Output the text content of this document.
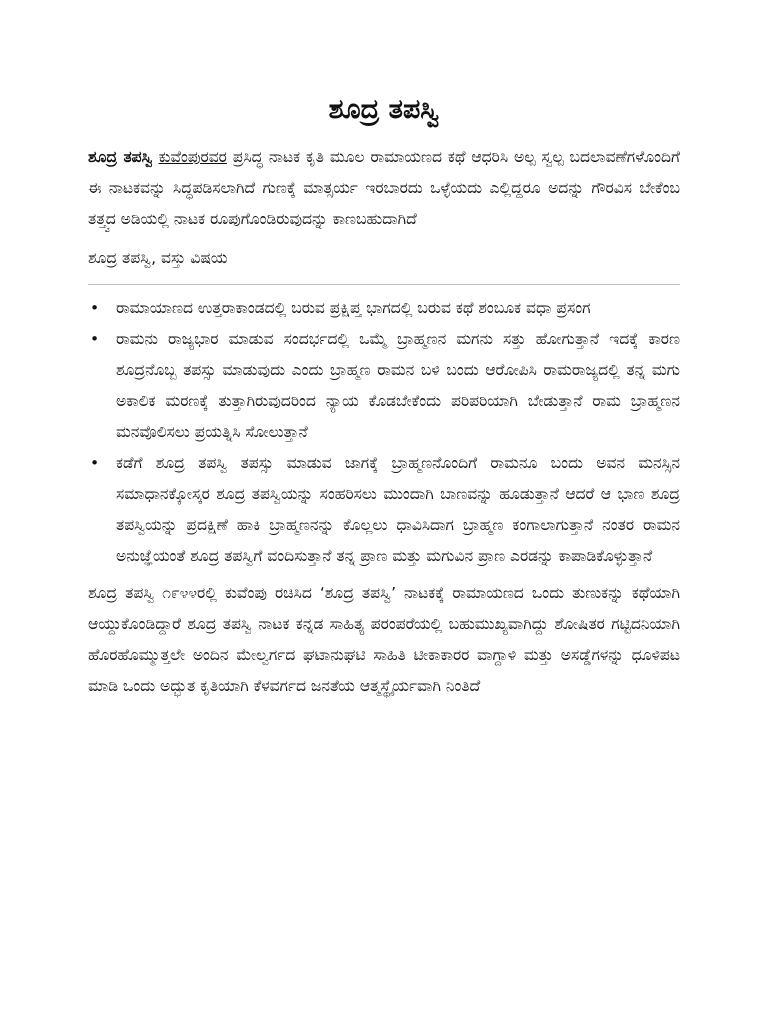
ಶೂದ್ರ ತಪಸ್ವಿ

ಶೂದ್ರ ತಪಸ್ವಿ ಕುವೆಂಪುರವರ ಪ್ರಸಿದ್ಧ ನಾಟಕ ಕೃತಿ ಮೂಲ ರಾಮಾಯಣದ ಕಥೆ ಆಧರಿಸಿ ಅಲ್ಪ ಸ್ವಲ್ಪ ಬದಲಾವಣೆಗಳೊಂದಿಗೆ ಈ ನಾಟಕವನ್ನು ಸಿದ್ಧಪಡಿಸಲಾಗಿದೆ ಗುಣಕ್ಕೆ ಮಾತ್ಸರ್ಯ ಇರಬಾರದು ಒಳ್ಳೆಯದು ಎಲ್ಲಿದ್ದರೂ ಅದನ್ನು ಗೌರವಿಸ ಬೇಕೆಂಬ ತತ್ತ್ವದ ಅಡಿಯಲ್ಲಿ ನಾಟಕ ರೂಪುಗೊಂಡಿರುವುದನ್ನು ಕಾಣಬಹುದಾಗಿದೆ

ಶೂದ್ರ ತಪಸ್ವಿ, ವಸ್ತು ವಿಷಯ
• ರಾಮಾಯಾಣದ ಉತ್ತರಾಕಾಂಡದಲ್ಲಿ ಬರುವ ಪ್ರಕ್ಷಿಪ್ತ ಭಾಗದಲ್ಲಿ ಬರುವ ಕಥೆ ಶಂಬೂಕ ವಧಾ ಪ್ರಸಂಗ
• ರಾಮನು ರಾಜ್ಯಭಾರ ಮಾಡುವ ಸಂದರ್ಭದಲ್ಲಿ ಒಮ್ಮೆ ಬ್ರಾಹ್ಮಣನ ಮಗನು ಸತ್ತು ಹೋಗುತ್ತಾನೆ ಇದಕ್ಕೆ ಕಾರಣ ಶೂದ್ರನೊಬ್ಬ ತಪಸ್ಸು ಮಾಡುವುದು ಎಂದು ಬ್ರಾಹ್ಮಣ ರಾಮನ ಬಳಿ ಬಂದು ಆರೋಪಿಸಿ ರಾಮರಾಜ್ಯದಲ್ಲಿ ತನ್ನ ಮಗು ಅಕಾಲಿಕ ಮರಣಕ್ಕೆ ತುತ್ತಾಗಿರುವುದರಿಂದ ನ್ಯಾಯ ಕೊಡಬೇಕೆಂದು ಪರಿಪರಿಯಾಗಿ ಬೇಡುತ್ತಾನೆ ರಾಮ ಬ್ರಾಹ್ಮಣನ ಮನವೊಲಿಸಲು ಪ್ರಯತ್ನಿಸಿ ಸೋಲುತ್ತಾನೆ
• ಕಡೆಗೆ ಶೂದ್ರ ತಪಸ್ವಿ ತಪಸ್ಸು ಮಾಡುವ ಜಾಗಕ್ಕೆ ಬ್ರಾಹ್ಮಣನೊಂದಿಗೆ ರಾಮನೂ ಬಂದು ಅವನ ಮನಸ್ಸಿನ ಸಮಾಧಾನಕ್ಕೋಸ್ಕರ ಶೂದ್ರ ತಪಸ್ವಿಯನ್ನು ಸಂಹರಿಸಲು ಮುಂದಾಗಿ ಬಾಣವನ್ನು ಹೂಡುತ್ತಾನೆ ಆದರೆ ಆ ಭಾಣ ಶೂದ್ರ ತಪಸ್ವಿಯನ್ನು ಪ್ರದಕ್ಷಿಣೆ ಹಾಕಿ ಬ್ರಾಹ್ಮಣನನ್ನು ಕೊಲ್ಲಲು ಧಾವಿಸಿದಾಗ ಬ್ರಾಹ್ಮಣ ಕಂಗಾಲಾಗುತ್ತಾನೆ ನಂತರ ರಾಮನ ಅನುಜ್ಞೆಯಂತೆ ಶೂದ್ರ ತಪಸ್ವಿಗೆ ವಂದಿಸುತ್ತಾನೆ ತನ್ನ ಪ್ರಾಣ ಮತ್ತು ಮಗುವಿನ ಪ್ರಾಣ ಎರಡನ್ನು ಕಾಪಾಡಿಕೊಳ್ಳುತ್ತಾನೆ

ಶೂದ್ರ ತಪಸ್ವಿ ೧೯೪೪ರಲ್ಲಿ ಕುವೆಂಪು ರಚಿಸಿದ ‘ಶೂದ್ರ ತಪಸ್ವಿ’ ನಾಟಕಕ್ಕೆ ರಾಮಾಯಣದ ಒಂದು ತುಣುಕನ್ನು ಕಥೆಯಾಗಿ ಆಯ್ದುಕೊಂಡಿದ್ದಾರೆ ಶೂದ್ರ ತಪಸ್ವಿ ನಾಟಕ ಕನ್ನಡ ಸಾಹಿತ್ಯ ಪರಂಪರೆಯಲ್ಲಿ ಬಹುಮುಖ್ಯವಾಗಿದ್ದು ಶೋಷಿತರ ಗಟ್ಟಿದನಿಯಾಗಿ ಹೊರಹೊಮ್ಮುತ್ತಲೇ ಅಂದಿನ ಮೇಲ್ವರ್ಗದ ಘಟಾನುಘಟಿ ಸಾಹಿತಿ ಟೀಕಾಕಾರರ ವಾಗ್ದಾಳಿ ಮತ್ತು ಅಸಡ್ಡೆಗಳನ್ನು ಧೂಳಿಪಟ ಮಾಡಿ ಒಂದು ಅದ್ಭುತ ಕೃತಿಯಾಗಿ ಕೆಳವರ್ಗದ ಜನತೆಯ ಆತ್ಮಸ್ಥೈರ್ಯವಾಗಿ ನಿಂತಿದೆ
